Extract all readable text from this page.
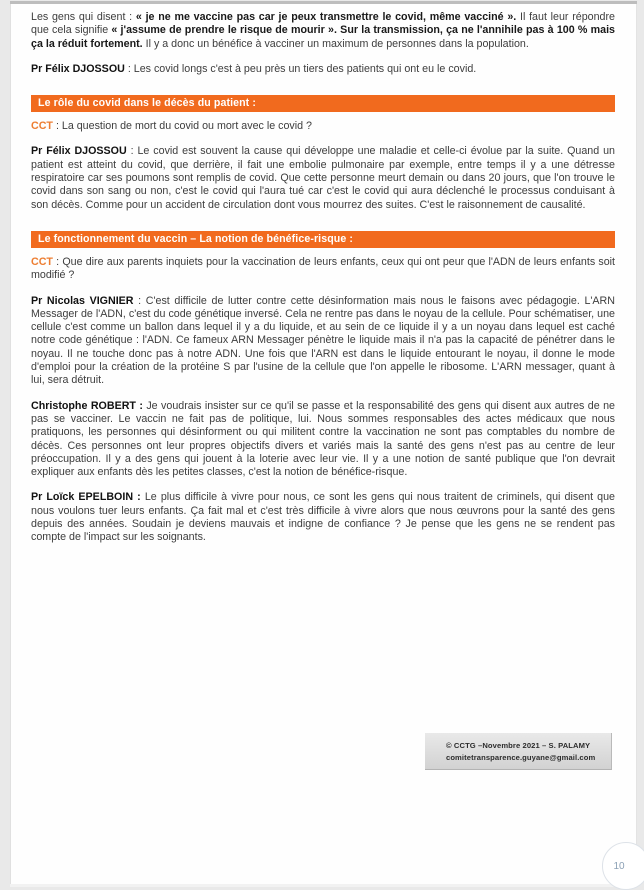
Les gens qui disent : « je ne me vaccine pas car je peux transmettre le covid, même vacciné ». Il faut leur répondre que cela signifie « j'assume de prendre le risque de mourir ». Sur la transmission, ça ne l'annihile pas à 100 % mais ça la réduit fortement. Il y a donc un bénéfice à vacciner un maximum de personnes dans la population.

Pr Félix DJOSSOU : Les covid longs c'est à peu près un tiers des patients qui ont eu le covid.

Le rôle du covid dans le décès du patient :

CCT : La question de mort du covid ou mort avec le covid ?

Pr Félix DJOSSOU : Le covid est souvent la cause qui développe une maladie et celle-ci évolue par la suite. Quand un patient est atteint du covid, que derrière, il fait une embolie pulmonaire par exemple, entre temps il y a une détresse respiratoire car ses poumons sont remplis de covid. Que cette personne meurt demain ou dans 20 jours, que l'on trouve le covid dans son sang ou non, c'est le covid qui l'aura tué car c'est le covid qui aura déclenché le processus conduisant à son décès. Comme pour un accident de circulation dont vous mourrez des suites. C'est le raisonnement de causalité.

Le fonctionnement du vaccin – La notion de bénéfice-risque :

CCT : Que dire aux parents inquiets pour la vaccination de leurs enfants, ceux qui ont peur que l'ADN de leurs enfants soit modifié ?

Pr Nicolas VIGNIER : C'est difficile de lutter contre cette désinformation mais nous le faisons avec pédagogie. L'ARN Messager de l'ADN, c'est du code génétique inversé. Cela ne rentre pas dans le noyau de la cellule. Pour schématiser, une cellule c'est comme un ballon dans lequel il y a du liquide, et au sein de ce liquide il y a un noyau dans lequel est caché notre code génétique : l'ADN. Ce fameux ARN Messager pénètre le liquide mais il n'a pas la capacité de pénétrer dans le noyau. Il ne touche donc pas à notre ADN. Une fois que l'ARN est dans le liquide entourant le noyau, il donne le mode d'emploi pour la création de la protéine S par l'usine de la cellule que l'on appelle le ribosome. L'ARN messager, quant à lui, sera détruit.

Christophe ROBERT : Je voudrais insister sur ce qu'il se passe et la responsabilité des gens qui disent aux autres de ne pas se vacciner. Le vaccin ne fait pas de politique, lui. Nous sommes responsables des actes médicaux que nous pratiquons, les personnes qui désinforment ou qui militent contre la vaccination ne sont pas comptables du nombre de décès. Ces personnes ont leur propres objectifs divers et variés mais la santé des gens n'est pas au centre de leur préoccupation. Il y a des gens qui jouent à la loterie avec leur vie. Il y a une notion de santé publique que l'on devrait expliquer aux enfants dès les petites classes, c'est la notion de bénéfice-risque.

Pr Loïck EPELBOIN : Le plus difficile à vivre pour nous, ce sont les gens qui nous traitent de criminels, qui disent que nous voulons tuer leurs enfants. Ça fait mal et c'est très difficile à vivre alors que nous œuvrons pour la santé des gens depuis des années. Soudain je deviens mauvais et indigne de confiance ? Je pense que les gens ne se rendent pas compte de l'impact sur les soignants.

© CCTG –Novembre 2021 – S. PALAMY
comitetransparence.guyane@gmail.com
10
